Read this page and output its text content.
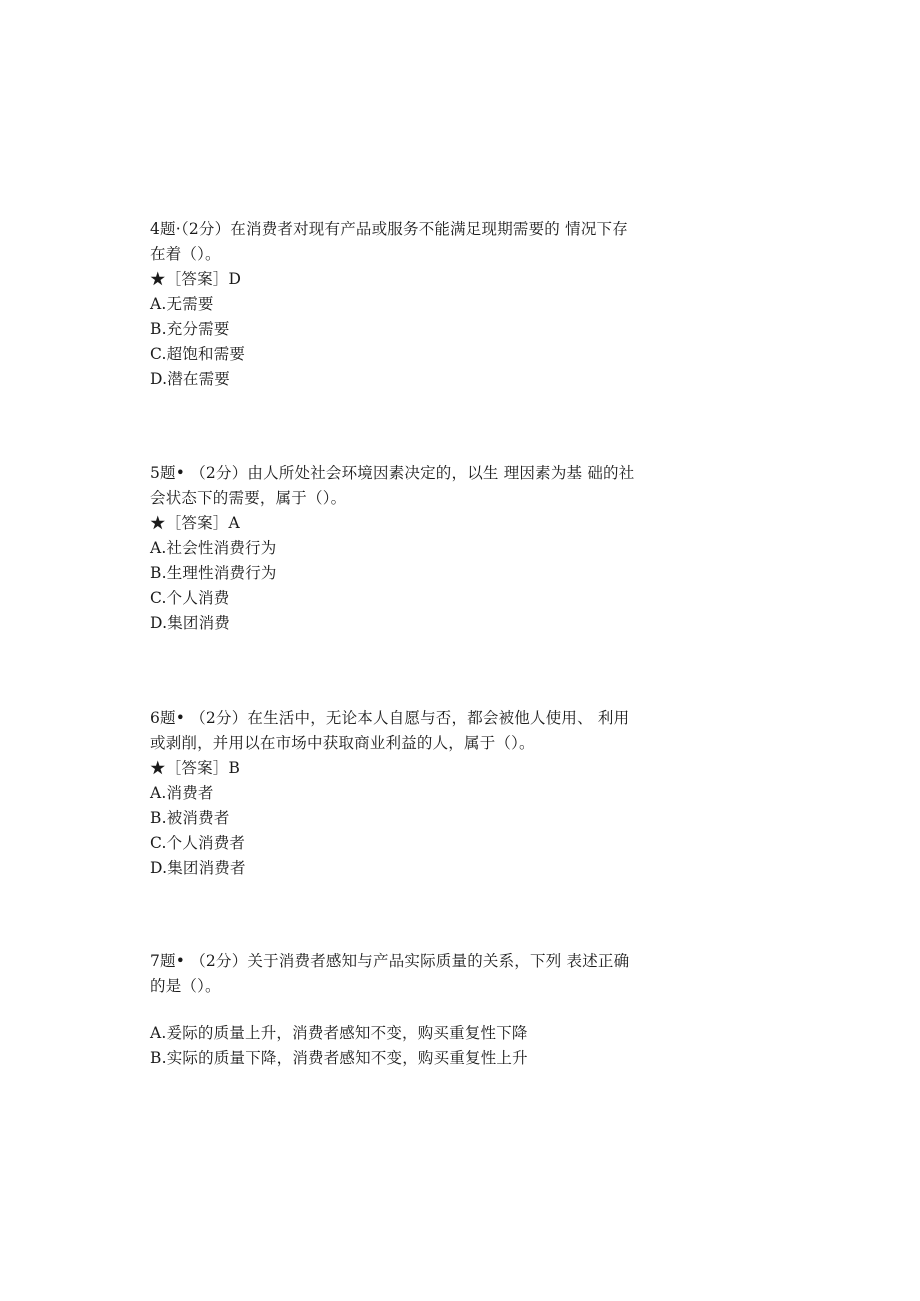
4题·（2分）在消费者对现有产品或服务不能满足现期需要的 情况下存
在着（）。
★［答案］D
A.无需要
B.充分需要
C.超饱和需要
D.潜在需要
5题• （2分）由人所处社会环境因素决定的，以生 理因素为基 础的社
会状态下的需要，属于（）。
★［答案］A
A.社会性消费行为
B.生理性消费行为
C.个人消费
D.集团消费
6题• （2分）在生活中，无论本人自愿与否，都会被他人使用、 利用
或剥削，并用以在市场中获取商业利益的人，属于（）。
★［答案］B
A.消费者
B.被消费者
C.个人消费者
D.集团消费者
7题• （2分）关于消费者感知与产品实际质量的关系，下列 表述正确
的是（）。
A.爰际的质量上升，消费者感知不变，购买重复性下降
B.实际的质量下降，消费者感知不变，购买重复性上升
